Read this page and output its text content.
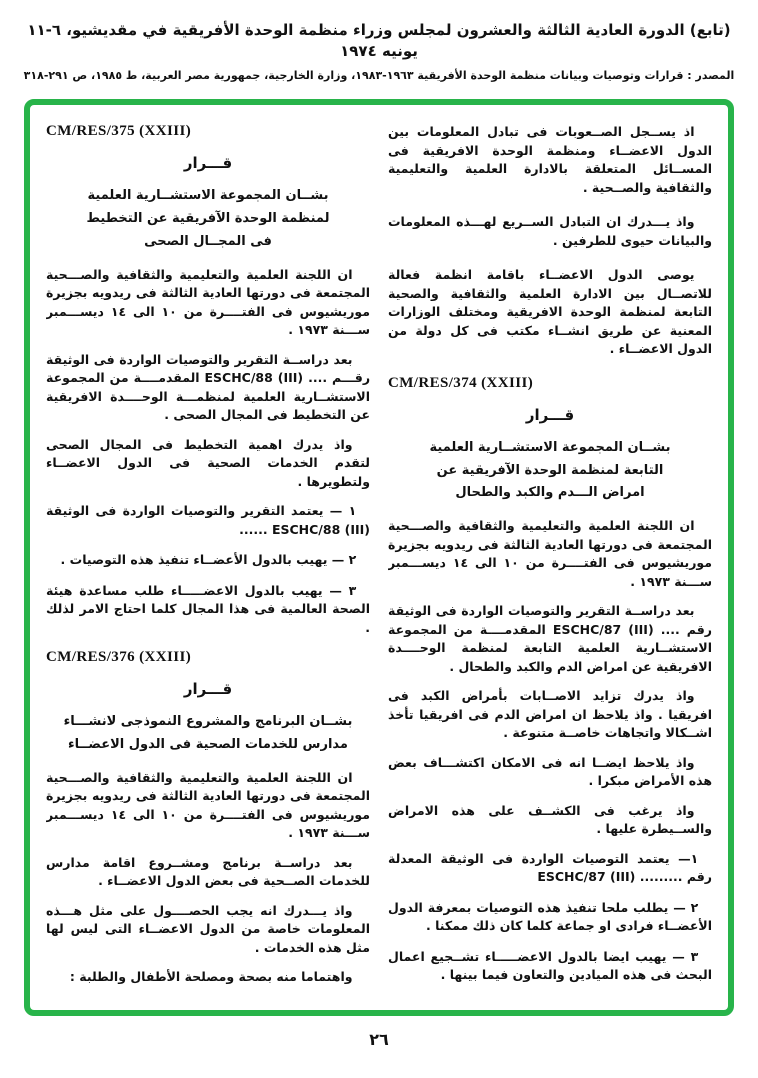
(تابع) الدورة العادية الثالثة والعشرون لمجلس وزراء منظمة الوحدة الأفريقية في مقديشيو، ٦-١١ يونيه ١٩٧٤

المصدر : قرارات وتوصيات وبيانات منظمة الوحدة الأفريقية ١٩٦٣-١٩٨٣، وزارة الخارجية، جمهورية مصر العربية، ط ١٩٨٥، ص ٢٩١-٣١٨

اذ يســجل الصــعوبات فى تبادل المعلومات بين الدول الاعضــاء ومنظمة الوحدة الافريقية فى المســائل المتعلقة بالادارة العلمية والتعليمية والثقافية والصــحية .

واذ يـــدرك ان التبادل الســريع لهـــذه المعلومات والبيانات حيوى للطرفين .

يوصى الدول الاعضــاء باقامة انظمة فعالة للاتصــال بين الادارة العلمية والثقافية والصحية التابعة لمنظمة الوحدة الافريقية ومختلف الوزارات المعنية عن طريق انشــاء مكتب فى كل دولة من الدول الاعضــاء .

CM/RES/374 (XXIII)

قـــرار

بشــان المجموعة الاستشــارية العلمية

التابعة لمنظمة الوحدة الآفريقية عن

امراض الـــدم والكبد والطحال

ان اللجنة العلمية والتعليمية والثقافية والصـــحية المجتمعة فى دورتها العادية الثالثة فى ريدويه بجزيرة موريشيوس فى الفتــــرة من ١٠ الى ١٤ ديســـمبر ســـنة ١٩٧٣ .

بعد دراســة التقرير والتوصيات الواردة فى الوثيقة رقم .... ESCHC/87 (III) المقدمــــة من المجموعة الاستشــارية العلمية التابعة لمنظمة الوحــــدة الافريقية عن امراض الدم والكبد والطحال .

واذ يدرك تزايد الاصــابات بأمراض الكبد فى افريقيا . واذ يلاحظ ان امراض الدم فى افريقيا تأخذ اشــكالا واتجاهات خاصــة متنوعة .

واذ يلاحظ ايضــا انه فى الامكان اكتشـــاف بعض هذه الأمراض مبكرا .

واذ يرغب فى الكشــف على هذه الامراض والســيطرة عليها .

١— يعتمد التوصيات الواردة فى الوثيقة المعدلة رقم ......... ESCHC/87 (III)

٢ — يطلب ملحا تنفيذ هذه التوصيات بمعرفة الدول الأعضــاء فرادى او جماعة كلما كان ذلك ممكنا .

٣ — يهيب ايضا بالدول الاعضـــــاء تشــجيع اعمال البحث فى هذه الميادين والتعاون فيما بينها .

CM/RES/375 (XXIII)

قـــرار

بشــان المجموعة الاستشــارية العلمية

لمنظمة الوحدة الآفريقية عن التخطيط

فى المجــال الصحى

ان اللجنة العلمية والتعليمية والثقافية والصـــحية المجتمعة فى دورتها العادية الثالثة فى ريدويه بجزيرة موريشيوس فى الفتــــرة من ١٠ الى ١٤ ديســـمبر ســـنة ١٩٧٣ .

بعد دراســة التقرير والتوصيات الواردة فى الوثيقة رقـــم .... ESCHC/88 (III) المقدمــــة من المجموعة الاستشــارية العلمية لمنظمـــة الوحــــدة الافريقية عن التخطيط فى المجال الصحى .

واذ يدرك اهمية التخطيط فى المجال الصحى لتقدم الخدمات الصحية فى الدول الاعضــاء ولتطويرها .

١ — يعتمد التقرير والتوصيات الواردة فى الوثيقة ESCHC/88 (III) ......

٢ — يهيب بالدول الأعضــاء تنفيذ هذه التوصيات .

٣ — يهيب بالدول الاعضـــــاء طلب مساعدة هيئة الصحة العالمية فى هذا المجال كلما احتاج الامر لذلك .

CM/RES/376 (XXIII)

قـــرار

بشــان البرنامج والمشروع النموذجى لانشـــاء

مدارس للخدمات الصحية فى الدول الاعضــاء

ان اللجنة العلمية والتعليمية والثقافية والصـــحية المجتمعة فى دورتها العادية الثالثة فى ريدويه بجزيرة موريشيوس فى الفتــــرة من ١٠ الى ١٤ ديســـمبر ســـنة ١٩٧٣ .

بعد دراســة برنامج ومشــروع اقامة مدارس للخدمات الصــحية فى بعض الدول الاعضــاء .

واذ يـــدرك انه يجب الحصــــول على مثل هـــذه المعلومات خاصة من الدول الاعضــاء التى ليس لها مثل هذه الخدمات .

واهتماما منه بصحة ومصلحة الأطفال والطلبة :

٢٦
